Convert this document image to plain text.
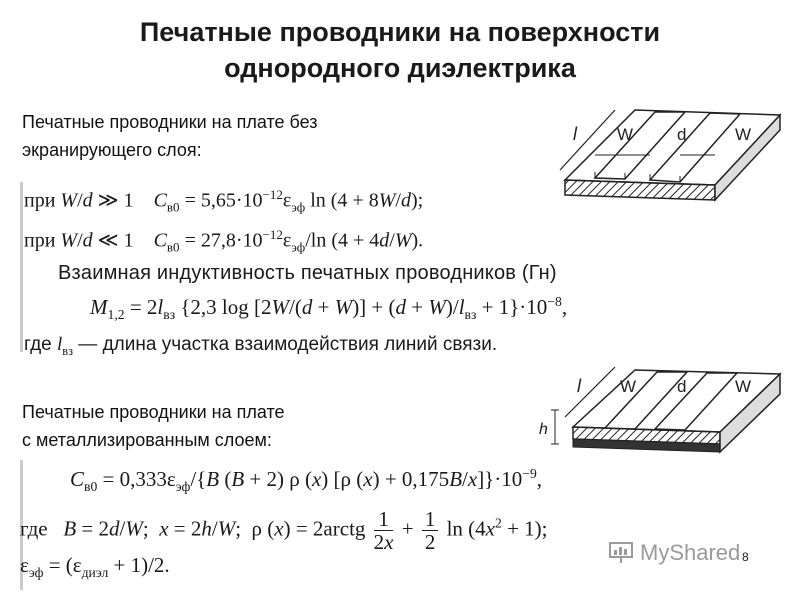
Печатные проводники на поверхности
однородного диэлектрика
Печатные проводники на плате без
экранирующего слоя:
Печатные проводники на плате
с металлизированным слоем:
при W/d ≫ 1    $C_{в0} = 5,65\cdot 10^{-12}\varepsilon_{эф}$ ln (4 + 8W/d);
при W/d ≪ 1    $C_{в0} = 27,8\cdot 10^{-12}\varepsilon_{эф}/\ln$ (4 + 4d/W).
Взаимная индуктивность печатных проводников (Гн)
$M_{1,2} = 2l_{вз}$ {2,3 $\log [2W/(d + W)] + (d + W)/l_{вз} + 1\}\cdot 10^{-8}$,
где $l_{вз}$ — длина участка взаимодействия линий связи.
$C_{в0} = 0,333\varepsilon_{эф}/\{B$ (B + 2) ρ (x) [ρ $(x) + 0,175B/x]\}\cdot 10^{-9}$,
где   B = 2d/W;  x = 2h/W;  ρ (x) = 2arctg $\frac{1}{2x} + \frac{1}{2}$ $\ln (4x^2 + 1)$;
$\varepsilon_{эф} = (\varepsilon_{диэл} + 1)/2$.
l W	d	W
h
l W d	W
MyShared 8
